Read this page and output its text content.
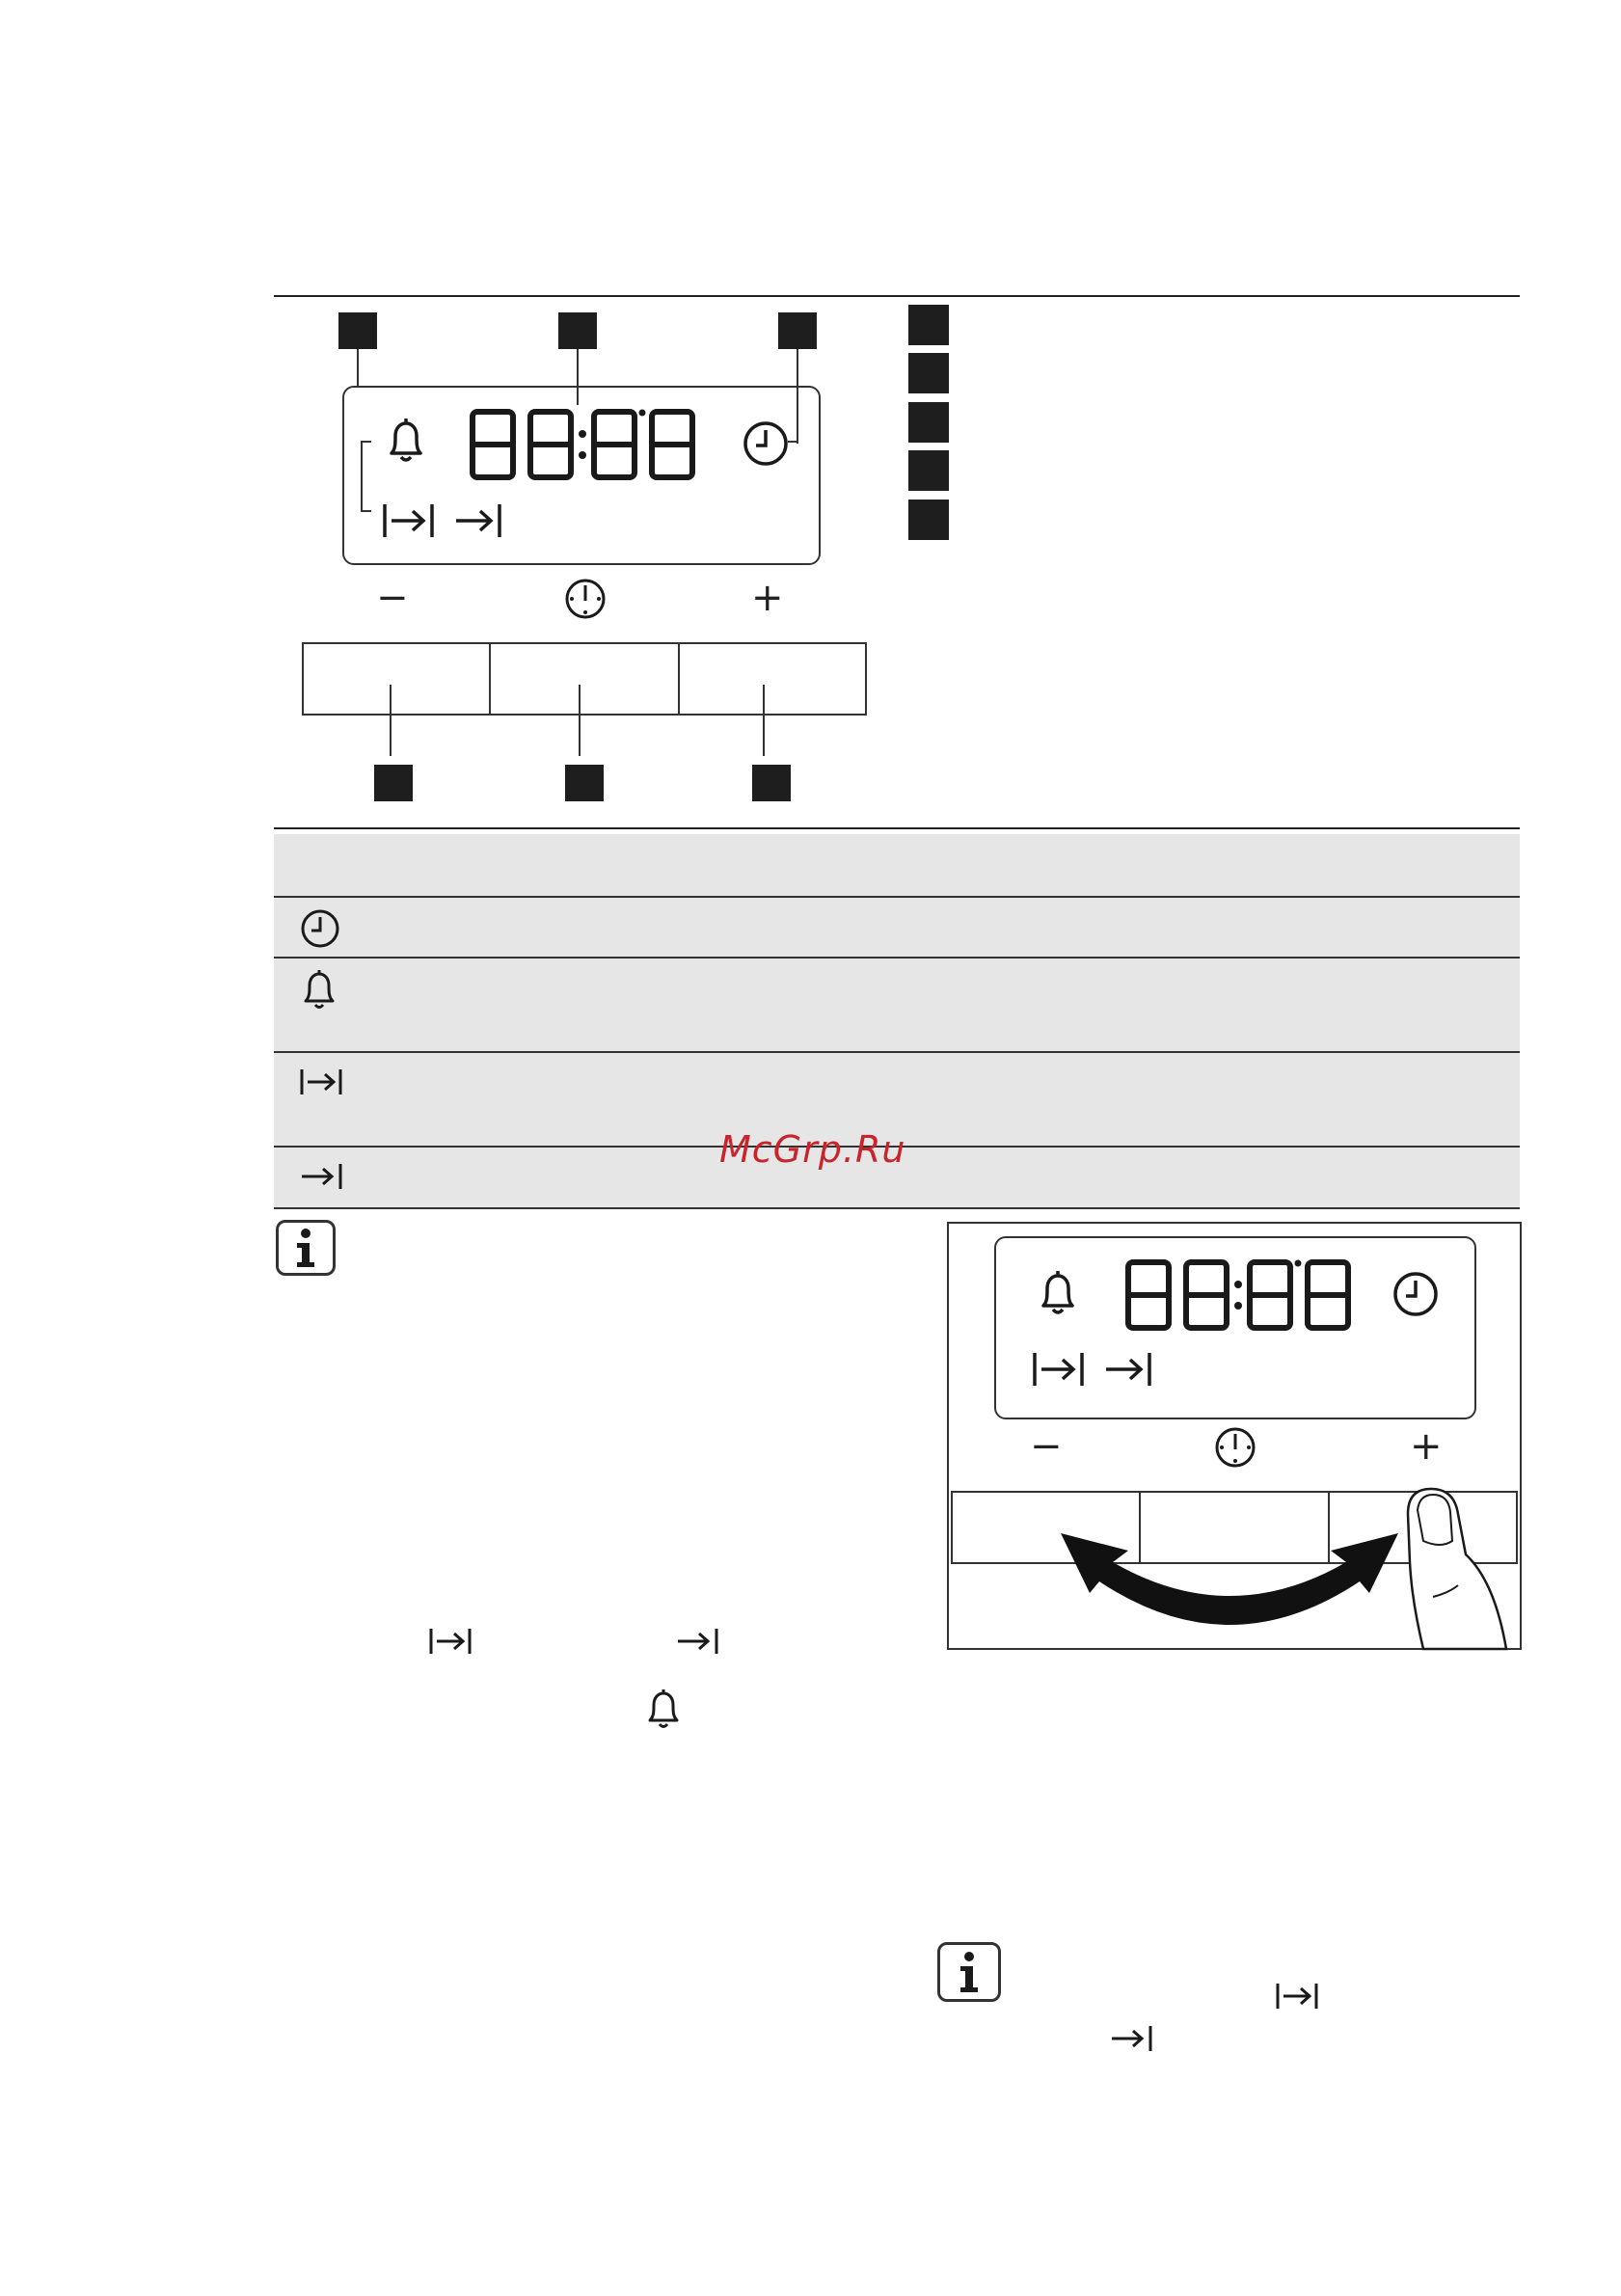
−	+
McGrp.Ru
−	+
